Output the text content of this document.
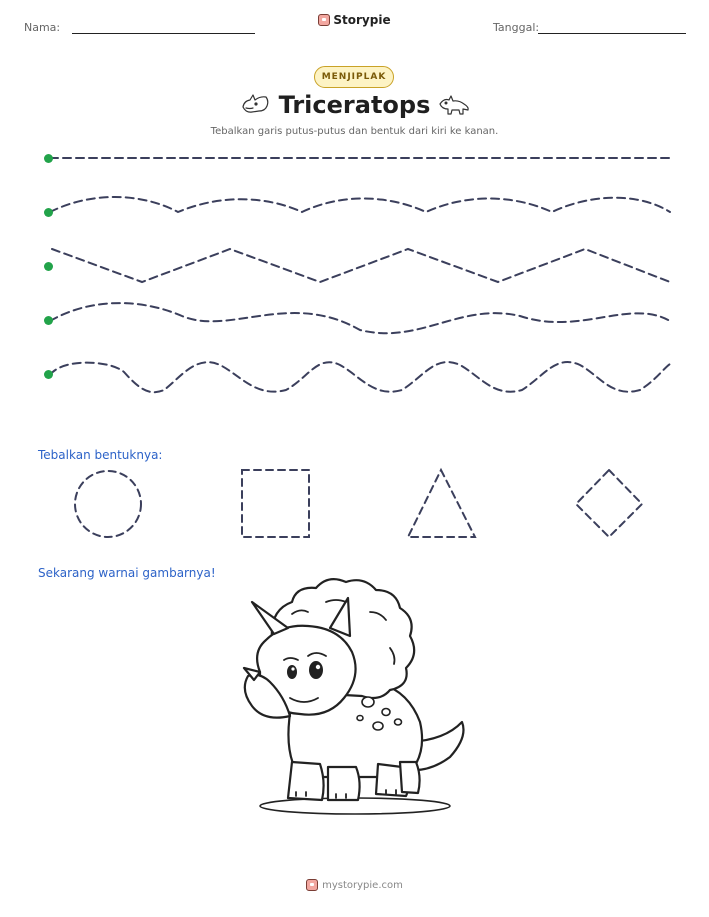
Nama:
Storypie
Tanggal:
MENJIPLAK
Triceratops
Tebalkan garis putus-putus dan bentuk dari kiri ke kanan.
Tebalkan bentuknya:
Sekarang warnai gambarnya!
mystorypie.com
